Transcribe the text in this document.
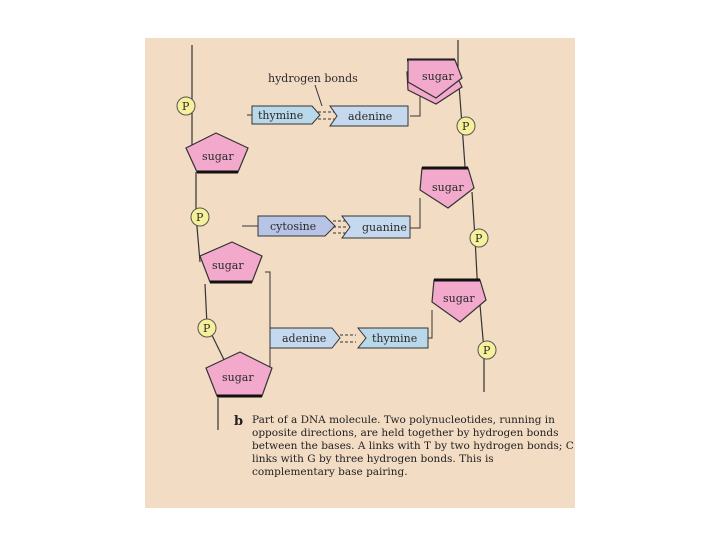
hydrogen bonds
thymine	adenine
cytosine	guanine
adenine	thymine
sugar
sugar
sugar
sugar
sugar
sugar
P
P
P
P
P
P
b Part of a DNA molecule. Two polynucleotides, running in opposite directions, are held together by hydrogen bonds between the bases. A links with T by two hydrogen bonds; C links with G by three hydrogen bonds. This is complementary base pairing.
